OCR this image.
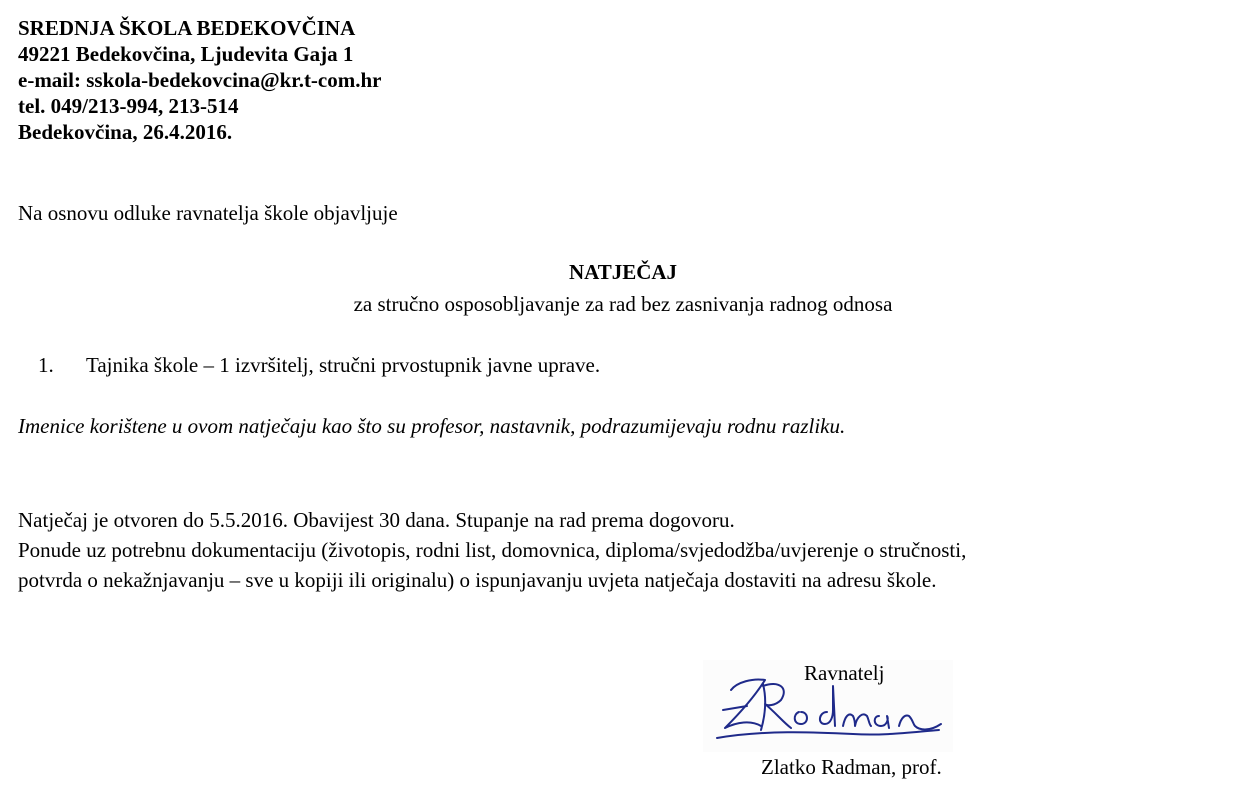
SREDNJA ŠKOLA BEDEKOVČINA
49221 Bedekovčina, Ljudevita Gaja 1
e-mail: sskola-bedekovcina@kr.t-com.hr
tel. 049/213-994, 213-514
Bedekovčina, 26.4.2016.
Na osnovu odluke ravnatelja škole objavljuje
NATJEČAJ
za stručno osposobljavanje za rad bez zasnivanja radnog odnosa
1. Tajnika škole – 1 izvršitelj, stručni prvostupnik javne uprave.
Imenice korištene u ovom natječaju kao što su profesor, nastavnik, podrazumijevaju rodnu razliku.
Natječaj je otvoren do 5.5.2016. Obavijest 30 dana. Stupanje na rad prema dogovoru.
Ponude uz potrebnu dokumentaciju (životopis, rodni list, domovnica, diploma/svjedodžba/uvjerenje o stručnosti,
potvrda o nekažnjavanju – sve u kopiji ili originalu) o ispunjavanju uvjeta natječaja dostaviti na adresu škole.
Ravnatelj
Zlatko Radman, prof.
